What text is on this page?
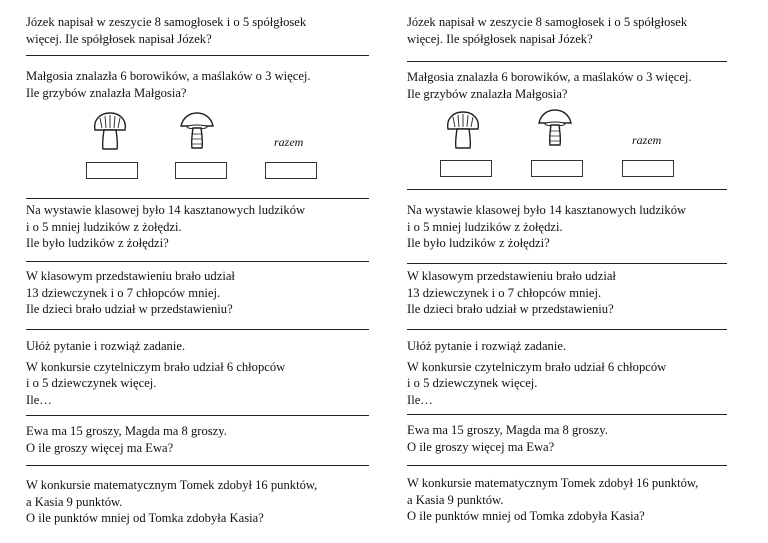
Józek napisał w zeszycie 8 samogłosek i o 5 spółgłosek
więcej. Ile spółgłosek napisał Józek?

Małgosia znalazła 6 borowików, a maślaków o 3 więcej.
Ile grzybów znalazła Małgosia?

razem

Na wystawie klasowej było 14 kasztanowych ludzików
i o 5 mniej ludzików z żołędzi.
Ile było ludzików z żołędzi?

W klasowym przedstawieniu brało udział
13 dziewczynek i o 7 chłopców mniej.
Ile dzieci brało udział w przedstawieniu?

Ułóż pytanie i rozwiąż zadanie.

W konkursie czytelniczym brało udział 6 chłopców
i o 5 dziewczynek więcej.
Ile…

Ewa ma 15 groszy, Magda ma 8 groszy.
O ile groszy więcej ma Ewa?

W konkursie matematycznym Tomek zdobył 16 punktów,
a Kasia 9 punktów.
O ile punktów mniej od Tomka zdobyła Kasia?

Józek napisał w zeszycie 8 samogłosek i o 5 spółgłosek
więcej. Ile spółgłosek napisał Józek?

Małgosia znalazła 6 borowików, a maślaków o 3 więcej.
Ile grzybów znalazła Małgosia?

razem

Na wystawie klasowej było 14 kasztanowych ludzików
i o 5 mniej ludzików z żołędzi.
Ile było ludzików z żołędzi?

W klasowym przedstawieniu brało udział
13 dziewczynek i o 7 chłopców mniej.
Ile dzieci brało udział w przedstawieniu?

Ułóż pytanie i rozwiąż zadanie.

W konkursie czytelniczym brało udział 6 chłopców
i o 5 dziewczynek więcej.
Ile…

Ewa ma 15 groszy, Magda ma 8 groszy.
O ile groszy więcej ma Ewa?

W konkursie matematycznym Tomek zdobył 16 punktów,
a Kasia 9 punktów.
O ile punktów mniej od Tomka zdobyła Kasia?
